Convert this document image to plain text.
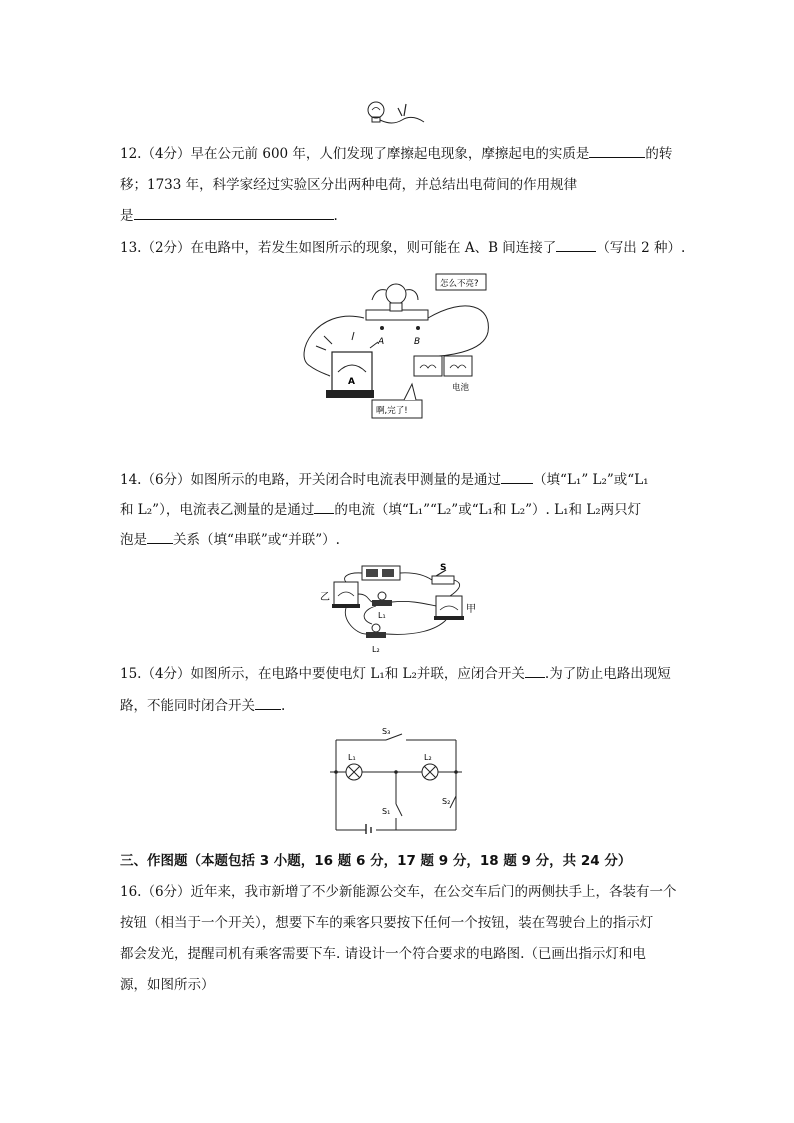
12.（4分）早在公元前 600 年，人们发现了摩擦起电现象，摩擦起电的实质是	的转
移；1733 年，科学家经过实验区分出两种电荷，并总结出电荷间的作用规律
是	.
13.（2分）在电路中，若发生如图所示的现象，则可能在 A、B 间连接了	（写出 2 种）.
怎么不亮?
A	B
A
电池
啊,完了!
14.（6分）如图所示的电路，开关闭合时电流表甲测量的是通过 （填“L₁” L₂”或“L₁
和 L₂”），电流表乙测量的是通过 的电流（填“L₁”“L₂”或“L₁和 L₂”）. L₁和 L₂两只灯
泡是 关系（填“串联”或“并联”）.
S
乙
甲
L₁
L₂
15.（4分）如图所示，在电路中要使电灯 L₁和 L₂并联，应闭合开关 .为了防止电路出现短
路，不能同时闭合开关 .
S₃
L₁	L₂
S₁
S₂
三、作图题（本题包括 3 小题，16 题 6 分，17 题 9 分，18 题 9 分，共 24 分）
16.（6分）近年来，我市新增了不少新能源公交车，在公交车后门的两侧扶手上，各装有一个
按钮（相当于一个开关），想要下车的乘客只要按下任何一个按钮，装在驾驶台上的指示灯
都会发光，提醒司机有乘客需要下车. 请设计一个符合要求的电路图.（已画出指示灯和电
源，如图所示）
